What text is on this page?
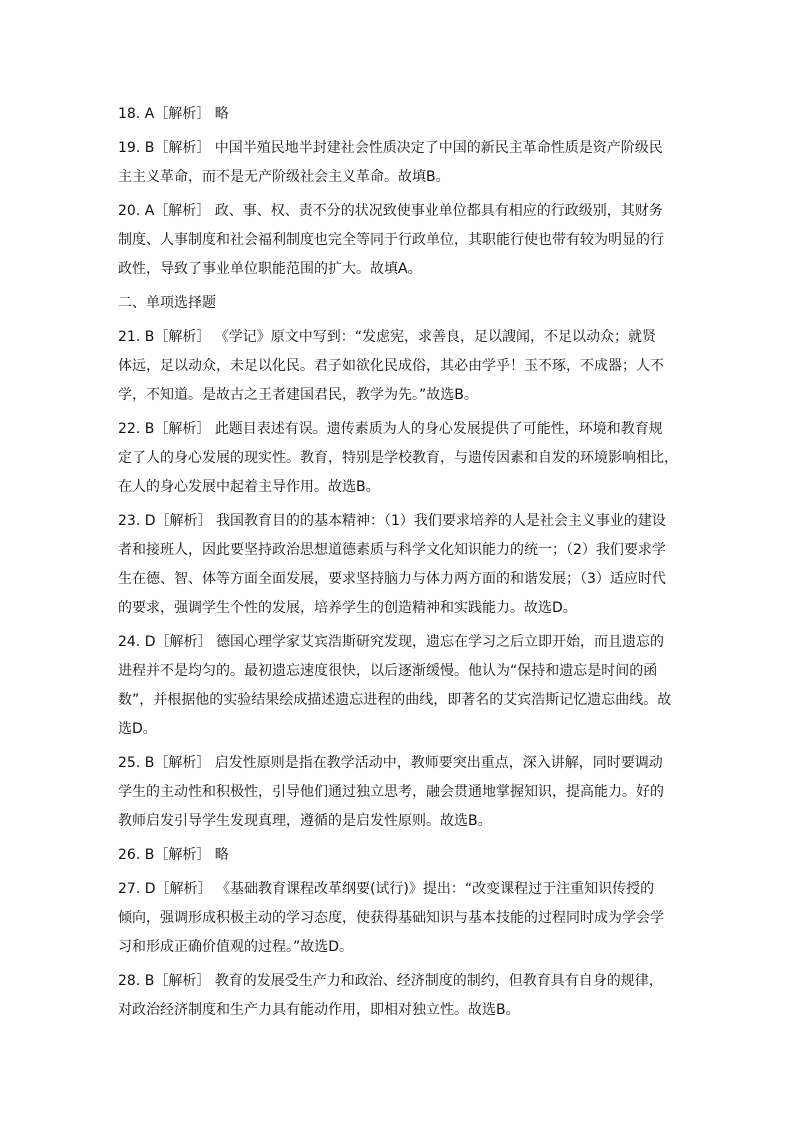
18. A［解析］ 略
19. B［解析］ 中国半殖民地半封建社会性质决定了中国的新民主革命性质是资产阶级民
主主义革命，而不是无产阶级社会主义革命。故填B。
20. A［解析］ 政、事、权、责不分的状况致使事业单位都具有相应的行政级别，其财务
制度、人事制度和社会福利制度也完全等同于行政单位，其职能行使也带有较为明显的行
政性，导致了事业单位职能范围的扩大。故填A。
二、单项选择题
21. B［解析］ 《学记》原文中写到：“发虑宪，求善良，足以謏闻，不足以动众；就贤
体远，足以动众，未足以化民。君子如欲化民成俗，其必由学乎！玉不琢，不成器；人不
学，不知道。是故古之王者建国君民，教学为先。”故选B。
22. B［解析］ 此题目表述有误。遗传素质为人的身心发展提供了可能性，环境和教育规
定了人的身心发展的现实性。教育，特别是学校教育，与遗传因素和自发的环境影响相比，
在人的身心发展中起着主导作用。故选B。
23. D［解析］ 我国教育目的的基本精神：（1）我们要求培养的人是社会主义事业的建设
者和接班人，因此要坚持政治思想道德素质与科学文化知识能力的统一；（2）我们要求学
生在德、智、体等方面全面发展，要求坚持脑力与体力两方面的和谐发展；（3）适应时代
的要求，强调学生个性的发展，培养学生的创造精神和实践能力。故选D。
24. D［解析］ 德国心理学家艾宾浩斯研究发现，遗忘在学习之后立即开始，而且遗忘的
进程并不是均匀的。最初遗忘速度很快，以后逐渐缓慢。他认为“保持和遗忘是时间的函
数”，并根据他的实验结果绘成描述遗忘进程的曲线，即著名的艾宾浩斯记忆遗忘曲线。故
选D。
25. B［解析］ 启发性原则是指在教学活动中，教师要突出重点，深入讲解，同时要调动
学生的主动性和积极性，引导他们通过独立思考，融会贯通地掌握知识，提高能力。好的
教师启发引导学生发现真理，遵循的是启发性原则。故选B。
26. B［解析］ 略
27. D［解析］ 《基础教育课程改革纲要(试行)》提出：“改变课程过于注重知识传授的
倾向，强调形成积极主动的学习态度，使获得基础知识与基本技能的过程同时成为学会学
习和形成正确价值观的过程。”故选D。
28. B［解析］ 教育的发展受生产力和政治、经济制度的制约，但教育具有自身的规律，
对政治经济制度和生产力具有能动作用，即相对独立性。故选B。
